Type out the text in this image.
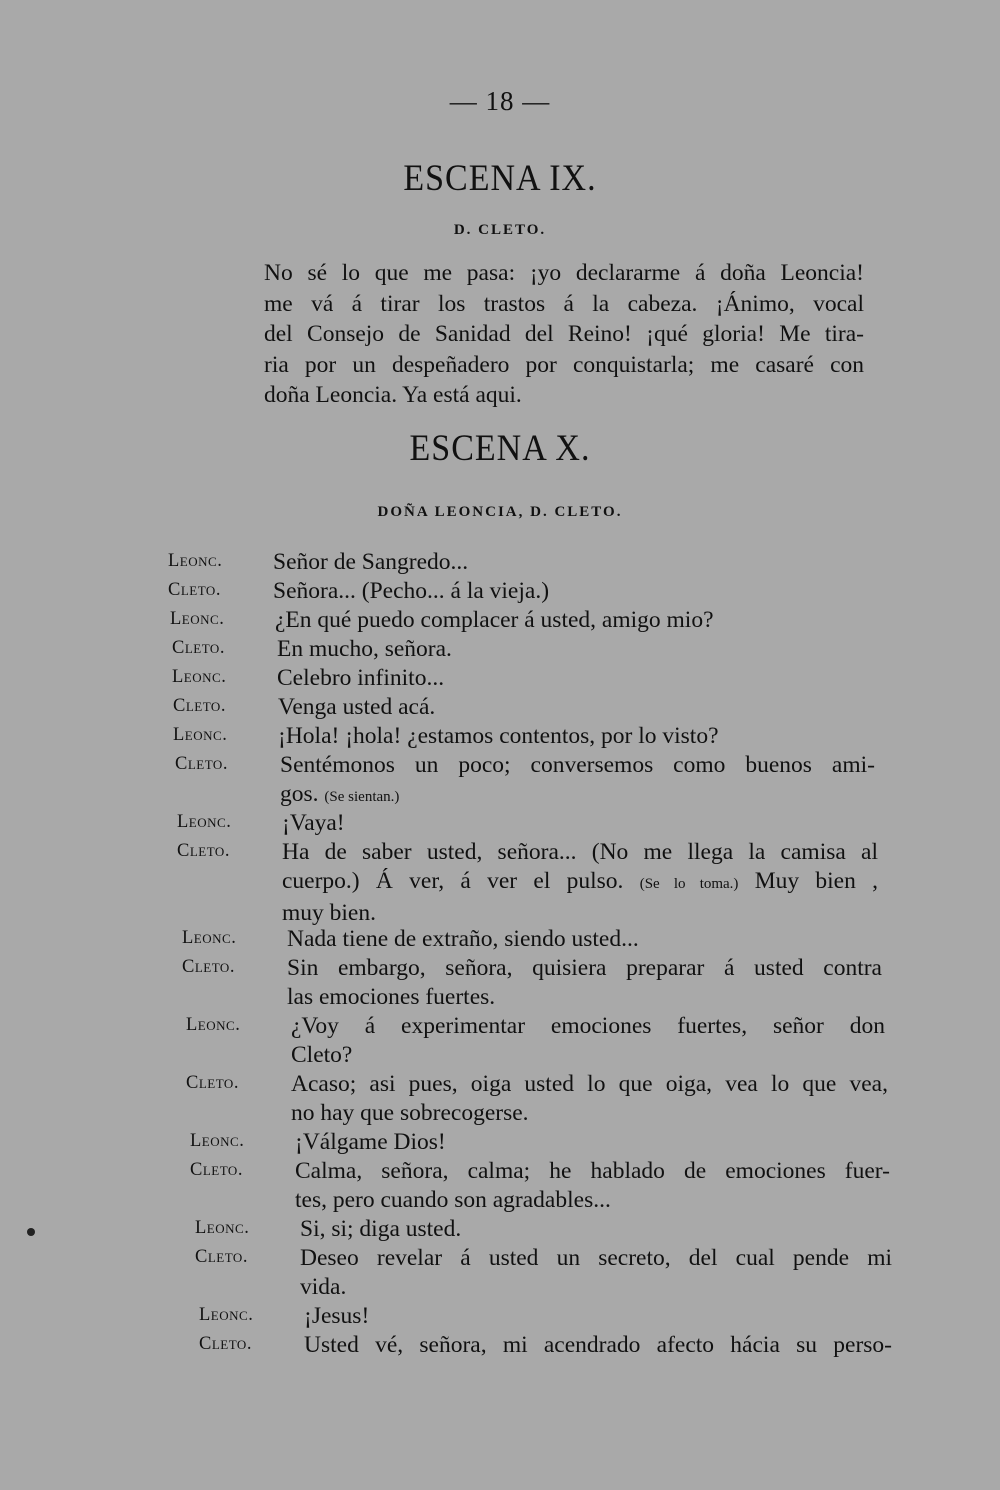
— 18 —
ESCENA IX.
D. CLETO.
No sé lo que me pasa: ¡yo declararme á doña Leoncia!
me vá á tirar los trastos á la cabeza. ¡Ánimo, vocal
del Consejo de Sanidad del Reino! ¡qué gloria! Me tira-
ria por un despeñadero por conquistarla; me casaré con
doña Leoncia. Ya está aqui.
ESCENA X.
DOÑA LEONCIA, D. CLETO.
Leonc.	Señor de Sangredo...
Cleto.	Señora... (Pecho... á la vieja.)
Leonc.	¿En qué puedo complacer á usted, amigo mio?
Cleto.	En mucho, señora.
Leonc.	Celebro infinito...
Cleto.	Venga usted acá.
Leonc.	¡Hola! ¡hola! ¿estamos contentos, por lo visto?
Cleto.	Sentémonos un poco; conversemos como buenos ami-
gos. (Se sientan.)
Leonc.	¡Vaya!
Cleto.	Ha de saber usted, señora... (No me llega la camisa al
cuerpo.) Á ver, á ver el pulso. (Se lo toma.) Muy bien ,
muy bien.
Leonc.	Nada tiene de extraño, siendo usted...
Cleto.	Sin embargo, señora, quisiera preparar á usted contra
las emociones fuertes.
Leonc.	¿Voy á experimentar emociones fuertes, señor don
Cleto?
Cleto.	Acaso; asi pues, oiga usted lo que oiga, vea lo que vea,
no hay que sobrecogerse.
Leonc.	¡Válgame Dios!
Cleto.	Calma, señora, calma; he hablado de emociones fuer-
tes, pero cuando son agradables...
Leonc.	Si, si; diga usted.
Cleto.	Deseo revelar á usted un secreto, del cual pende mi
vida.
Leonc.	¡Jesus!
Cleto.	Usted vé, señora, mi acendrado afecto hácia su perso-
